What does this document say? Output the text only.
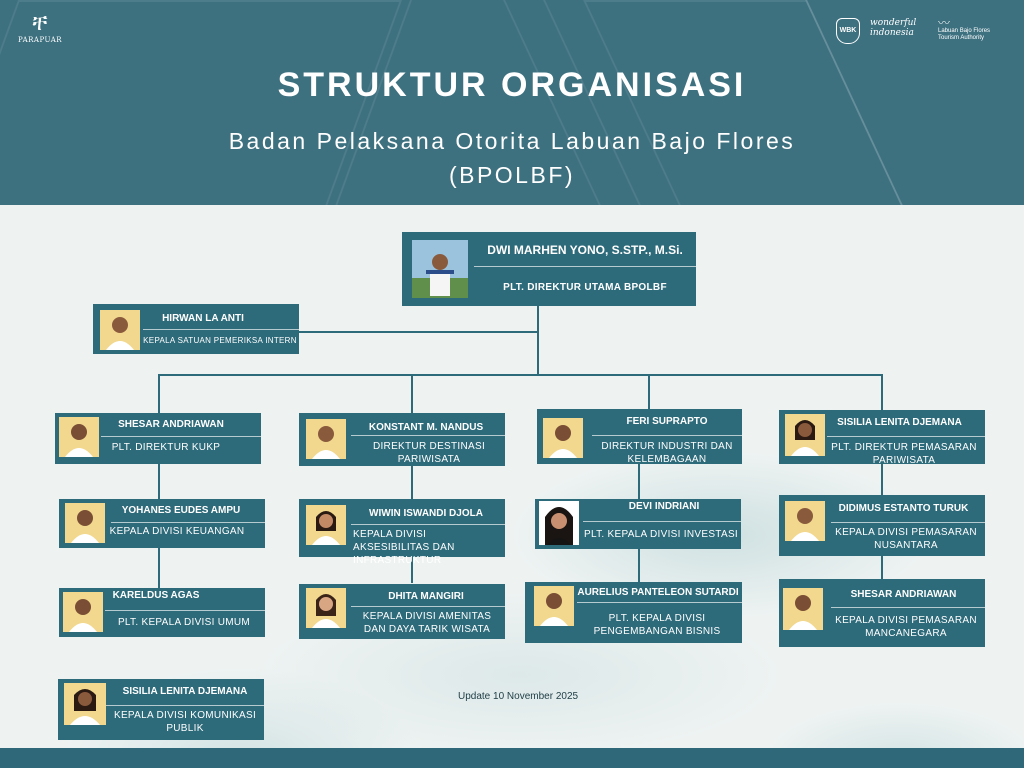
ቸ
PARAPUAR
WBK
wonderful
indonesia
〰
Labuan Bajo Flores
Tourism Authority
STRUKTUR ORGANISASI
Badan Pelaksana Otorita Labuan Bajo Flores
(BPOLBF)
DWI MARHEN YONO, S.STP., M.Si.
PLT. DIREKTUR UTAMA BPOLBF
HIRWAN LA ANTI
KEPALA SATUAN PEMERIKSA INTERN
SHESAR ANDRIAWAN
PLT. DIREKTUR KUKP
KONSTANT M. NANDUS
DIREKTUR DESTINASI PARIWISATA
FERI SUPRAPTO
DIREKTUR INDUSTRI DAN KELEMBAGAAN
SISILIA LENITA DJEMANA
PLT. DIREKTUR PEMASARAN PARIWISATA
YOHANES EUDES AMPU
KEPALA DIVISI KEUANGAN
WIWIN ISWANDI DJOLA
KEPALA DIVISI AKSESIBILITAS DAN INFRASTRUKTUR
DEVI INDRIANI
PLT. KEPALA DIVISI INVESTASI
DIDIMUS ESTANTO TURUK
KEPALA DIVISI PEMASARAN NUSANTARA
KARELDUS AGAS
PLT. KEPALA DIVISI UMUM
DHITA MANGIRI
KEPALA DIVISI AMENITAS DAN DAYA TARIK WISATA
AURELIUS PANTELEON SUTARDI
PLT. KEPALA DIVISI PENGEMBANGAN BISNIS
SHESAR ANDRIAWAN
KEPALA DIVISI PEMASARAN MANCANEGARA
SISILIA LENITA DJEMANA
KEPALA DIVISI KOMUNIKASI PUBLIK
Update 10 November 2025
